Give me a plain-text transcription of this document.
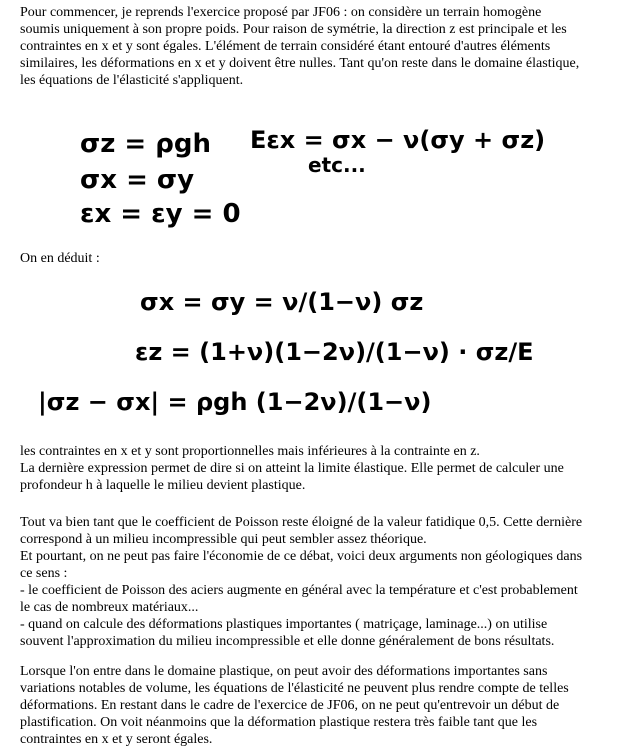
Pour commencer, je reprends l'exercice proposé par JF06 : on considère un terrain homogène
soumis uniquement à son propre poids. Pour raison de symétrie, la direction z est principale et les
contraintes en x et y sont égales. L'élément de terrain considéré étant entouré d'autres éléments
similaires, les déformations en x et y doivent être nulles. Tant qu'on reste dans le domaine élastique,
les équations de l'élasticité s'appliquent.
σz = ρgh
σx = σy
εx = εy = 0
Eεx = σx − ν(σy + σz)
etc...
On en déduit :
σx = σy = ν/(1−ν) σz
εz = (1+ν)(1−2ν)/(1−ν) · σz/E
|σz − σx| = ρgh (1−2ν)/(1−ν)
les contraintes en x et y sont proportionnelles mais inférieures à la contrainte en z.
La dernière expression permet de dire si on atteint la limite élastique. Elle permet de calculer une
profondeur h à laquelle le milieu devient plastique.
Tout va bien tant que le coefficient de Poisson reste éloigné de la valeur fatidique 0,5. Cette dernière
correspond à un milieu incompressible qui peut sembler assez théorique.
Et pourtant, on ne peut pas faire l'économie de ce débat, voici deux arguments non géologiques dans
ce sens :
- le coefficient de Poisson des aciers augmente en général avec la température et c'est probablement
le cas de nombreux matériaux...
- quand on calcule des déformations plastiques importantes ( matriçage, laminage...) on utilise
souvent l'approximation du milieu incompressible et elle donne généralement de bons résultats.
Lorsque l'on entre dans le domaine plastique, on peut avoir des déformations importantes sans
variations notables de volume, les équations de l'élasticité ne peuvent plus rendre compte de telles
déformations. En restant dans le cadre de l'exercice de JF06, on ne peut qu'entrevoir un début de
plastification. On voit néanmoins que la déformation plastique restera très faible tant que les
contraintes en x et y seront égales.
